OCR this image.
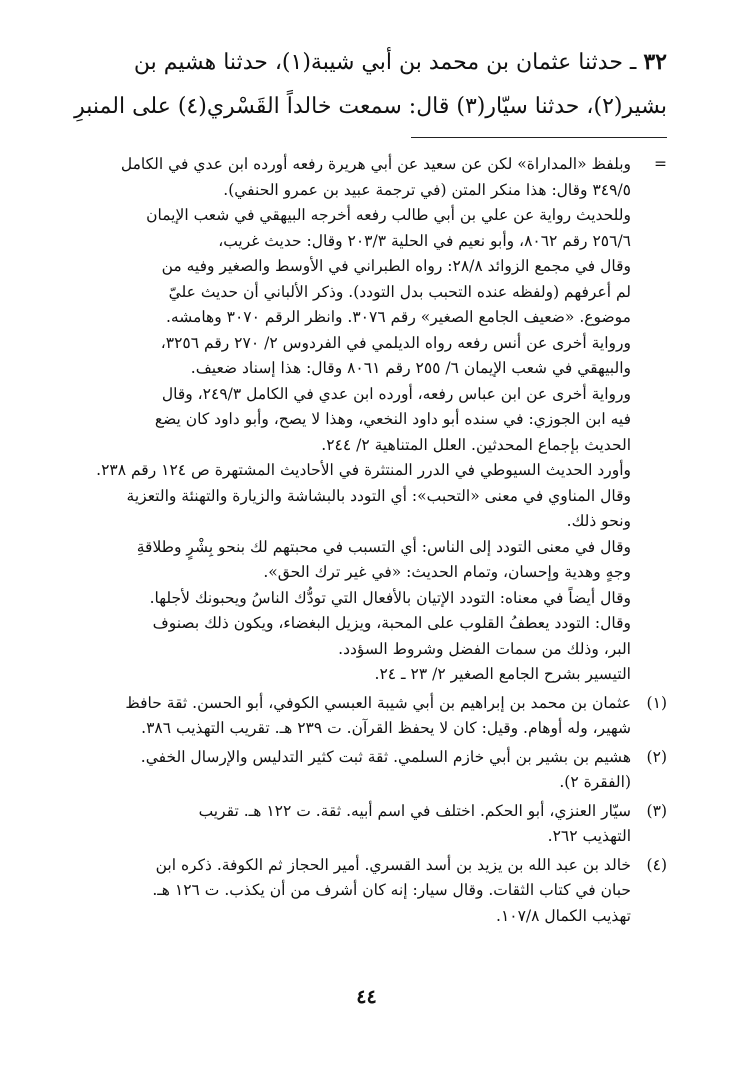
٣٢ ـ حدثنا عثمان بن محمد بن أبي شيبة(١)، حدثنا هشيم بن
بشير(٢)، حدثنا سيّار(٣) قال: سمعت خالداً القَسْري(٤) على المنبرِ
=
وبلفظ «المداراة» لكن عن سعيد عن أبي هريرة رفعه أورده ابن عدي في الكامل
٣٤٩/٥ وقال: هذا منكر المتن (في ترجمة عبيد بن عمرو الحنفي).
وللحديث رواية عن علي بن أبي طالب رفعه أخرجه البيهقي في شعب الإيمان
٢٥٦/٦ رقم ٨٠٦٢، وأبو نعيم في الحلية ٢٠٣/٣ وقال: حديث غريب،
وقال في مجمع الزوائد ٢٨/٨: رواه الطبراني في الأوسط والصغير وفيه من
لم أعرفهم (ولفظه عنده التحبب بدل التودد). وذكر الألباني أن حديث عليّ
موضوع. «ضعيف الجامع الصغير» رقم ٣٠٧٦. وانظر الرقم ٣٠٧٠ وهامشه.
ورواية أخرى عن أنس رفعه رواه الديلمي في الفردوس ٢/ ٢٧٠ رقم ٣٢٥٦،
والبيهقي في شعب الإيمان ٦/ ٢٥٥ رقم ٨٠٦١ وقال: هذا إسناد ضعيف.
ورواية أخرى عن ابن عباس رفعه، أورده ابن عدي في الكامل ٢٤٩/٣، وقال
فيه ابن الجوزي: في سنده أبو داود النخعي، وهذا لا يصح، وأبو داود كان يضع
الحديث بإجماع المحدثين. العلل المتناهية ٢/ ٢٤٤.
وأورد الحديث السيوطي في الدرر المنتثرة في الأحاديث المشتهرة ص ١٢٤ رقم ٢٣٨.
وقال المناوي في معنى «التحبب»: أي التودد بالبشاشة والزيارة والتهنئة والتعزية
ونحو ذلك.
وقال في معنى التودد إلى الناس: أي التسبب في محبتهم لك بنحو بِشْرٍ وطلاقةِ
وجهٍ وهدية وإحسان، وتمام الحديث: «في غير ترك الحق».
وقال أيضاً في معناه: التودد الإتيان بالأفعال التي تودُّك الناسُ ويحبونك لأجلها.
وقال: التودد يعطفُ القلوب على المحبة، ويزيل البغضاء، ويكون ذلك بصنوف
البر، وذلك من سمات الفضل وشروط السؤدد.
التيسير بشرح الجامع الصغير ٢/ ٢٣ ـ ٢٤.
(١)
عثمان بن محمد بن إبراهيم بن أبي شيبة العبسي الكوفي، أبو الحسن. ثقة حافظ
شهير، وله أوهام. وقيل: كان لا يحفظ القرآن. ت ٢٣٩ هـ. تقريب التهذيب ٣٨٦.
(٢)
هشيم بن بشير بن أبي خازم السلمي. ثقة ثبت كثير التدليس والإرسال الخفي.
(الفقرة ٢).
(٣)
سيّار العنزي، أبو الحكم. اختلف في اسم أبيه. ثقة. ت ١٢٢ هـ. تقريب
التهذيب ٢٦٢.
(٤)
خالد بن عبد الله بن يزيد بن أسد القسري. أمير الحجاز ثم الكوفة. ذكره ابن
حبان في كتاب الثقات. وقال سيار: إنه كان أشرف من أن يكذب. ت ١٢٦ هـ.
تهذيب الكمال ١٠٧/٨.
٤٤
